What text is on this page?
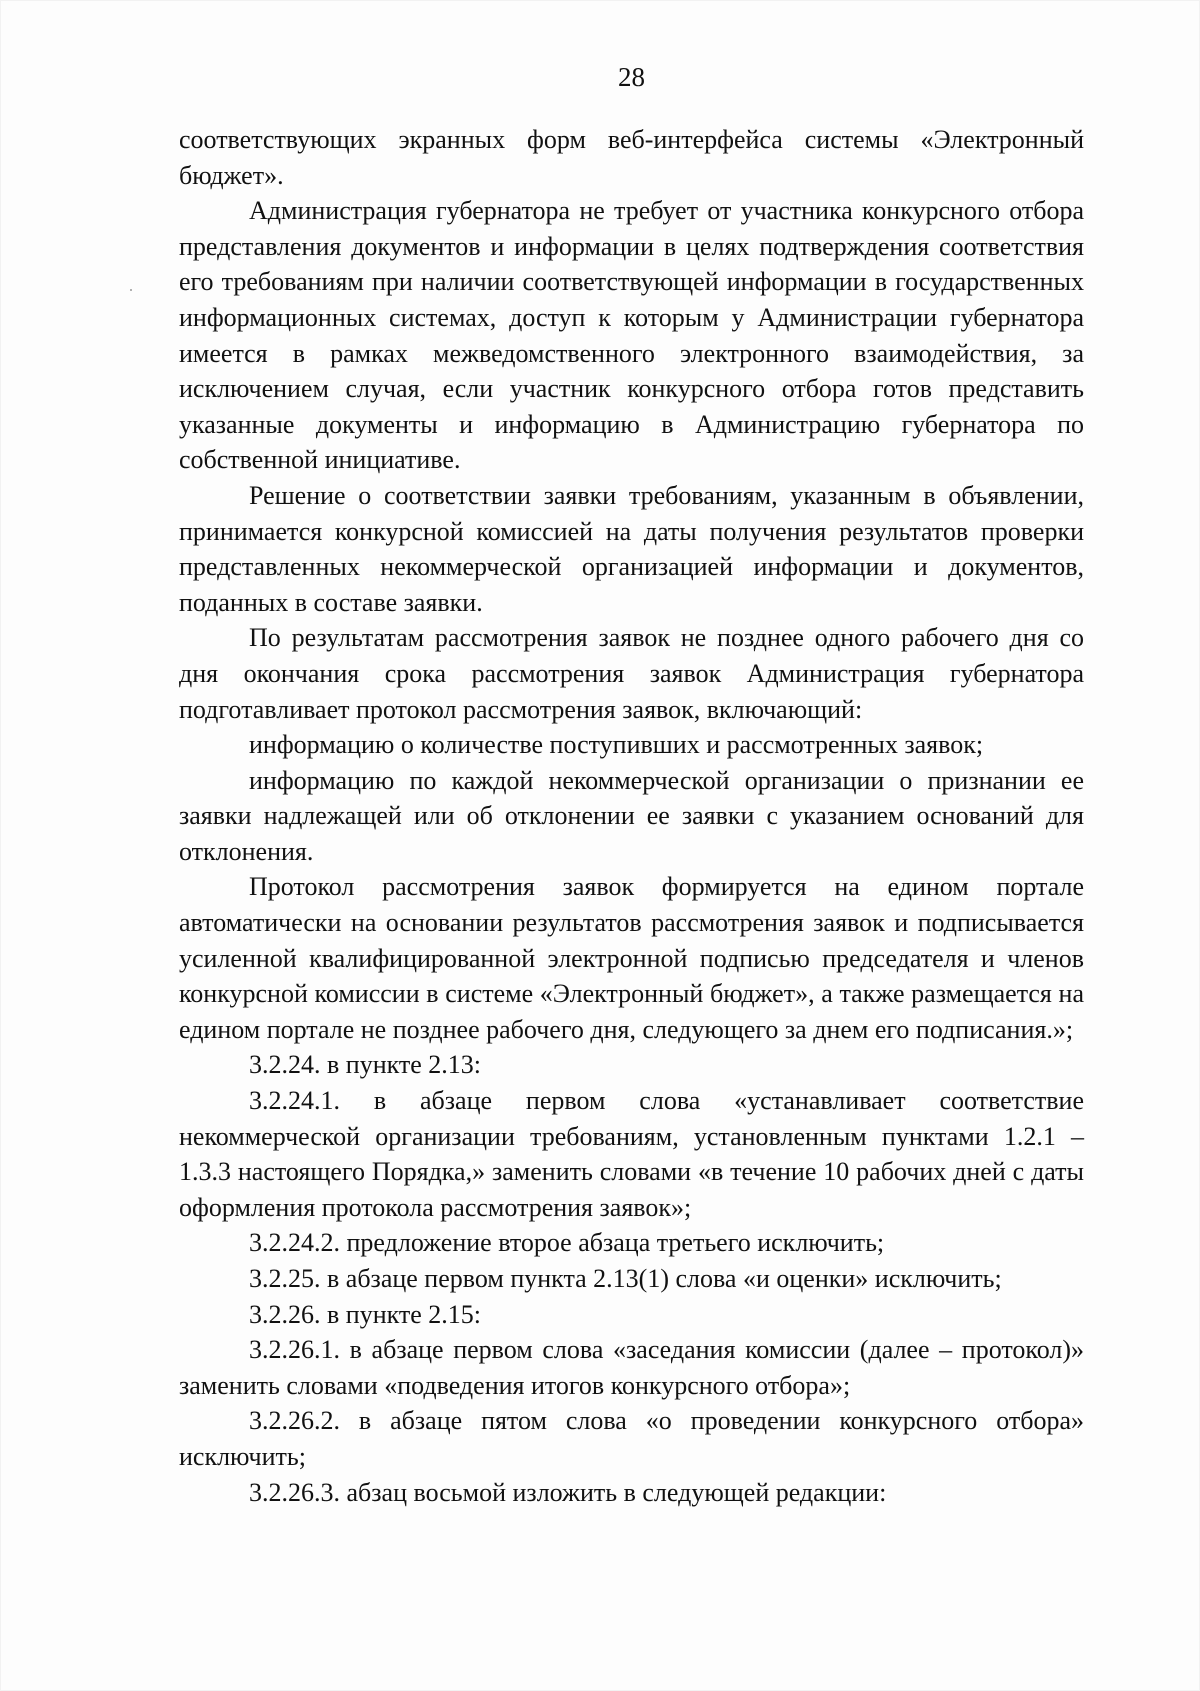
28

соответствующих экранных форм веб-интерфейса системы «Электронный бюджет».

Администрация губернатора не требует от участника конкурсного отбора представления документов и информации в целях подтверждения соответствия его требованиям при наличии соответствующей информации в государственных информационных системах, доступ к которым у Администрации губернатора имеется в рамках межведомственного электронного взаимодействия, за исключением случая, если участник конкурсного отбора готов представить указанные документы и информацию в Администрацию губернатора по собственной инициативе.

Решение о соответствии заявки требованиям, указанным в объявлении, принимается конкурсной комиссией на даты получения результатов проверки представленных некоммерческой организацией информации и документов, поданных в составе заявки.

По результатам рассмотрения заявок не позднее одного рабочего дня со дня окончания срока рассмотрения заявок Администрация губернатора подготавливает протокол рассмотрения заявок, включающий:

информацию о количестве поступивших и рассмотренных заявок;

информацию по каждой некоммерческой организации о признании ее заявки надлежащей или об отклонении ее заявки с указанием оснований для отклонения.

Протокол рассмотрения заявок формируется на едином портале автоматически на основании результатов рассмотрения заявок и подписывается усиленной квалифицированной электронной подписью председателя и членов конкурсной комиссии в системе «Электронный бюджет», а также размещается на едином портале не позднее рабочего дня, следующего за днем его подписания.»;

3.2.24. в пункте 2.13:

3.2.24.1. в абзаце первом слова «устанавливает соответствие некоммерческой организации требованиям, установленным пунктами 1.2.1 – 1.3.3 настоящего Порядка,» заменить словами «в течение 10 рабочих дней с даты оформления протокола рассмотрения заявок»;

3.2.24.2. предложение второе абзаца третьего исключить;

3.2.25. в абзаце первом пункта 2.13(1) слова «и оценки» исключить;

3.2.26. в пункте 2.15:

3.2.26.1. в абзаце первом слова «заседания комиссии (далее – протокол)» заменить словами «подведения итогов конкурсного отбора»;

3.2.26.2. в абзаце пятом слова «о проведении конкурсного отбора» исключить;

3.2.26.3. абзац восьмой изложить в следующей редакции:
